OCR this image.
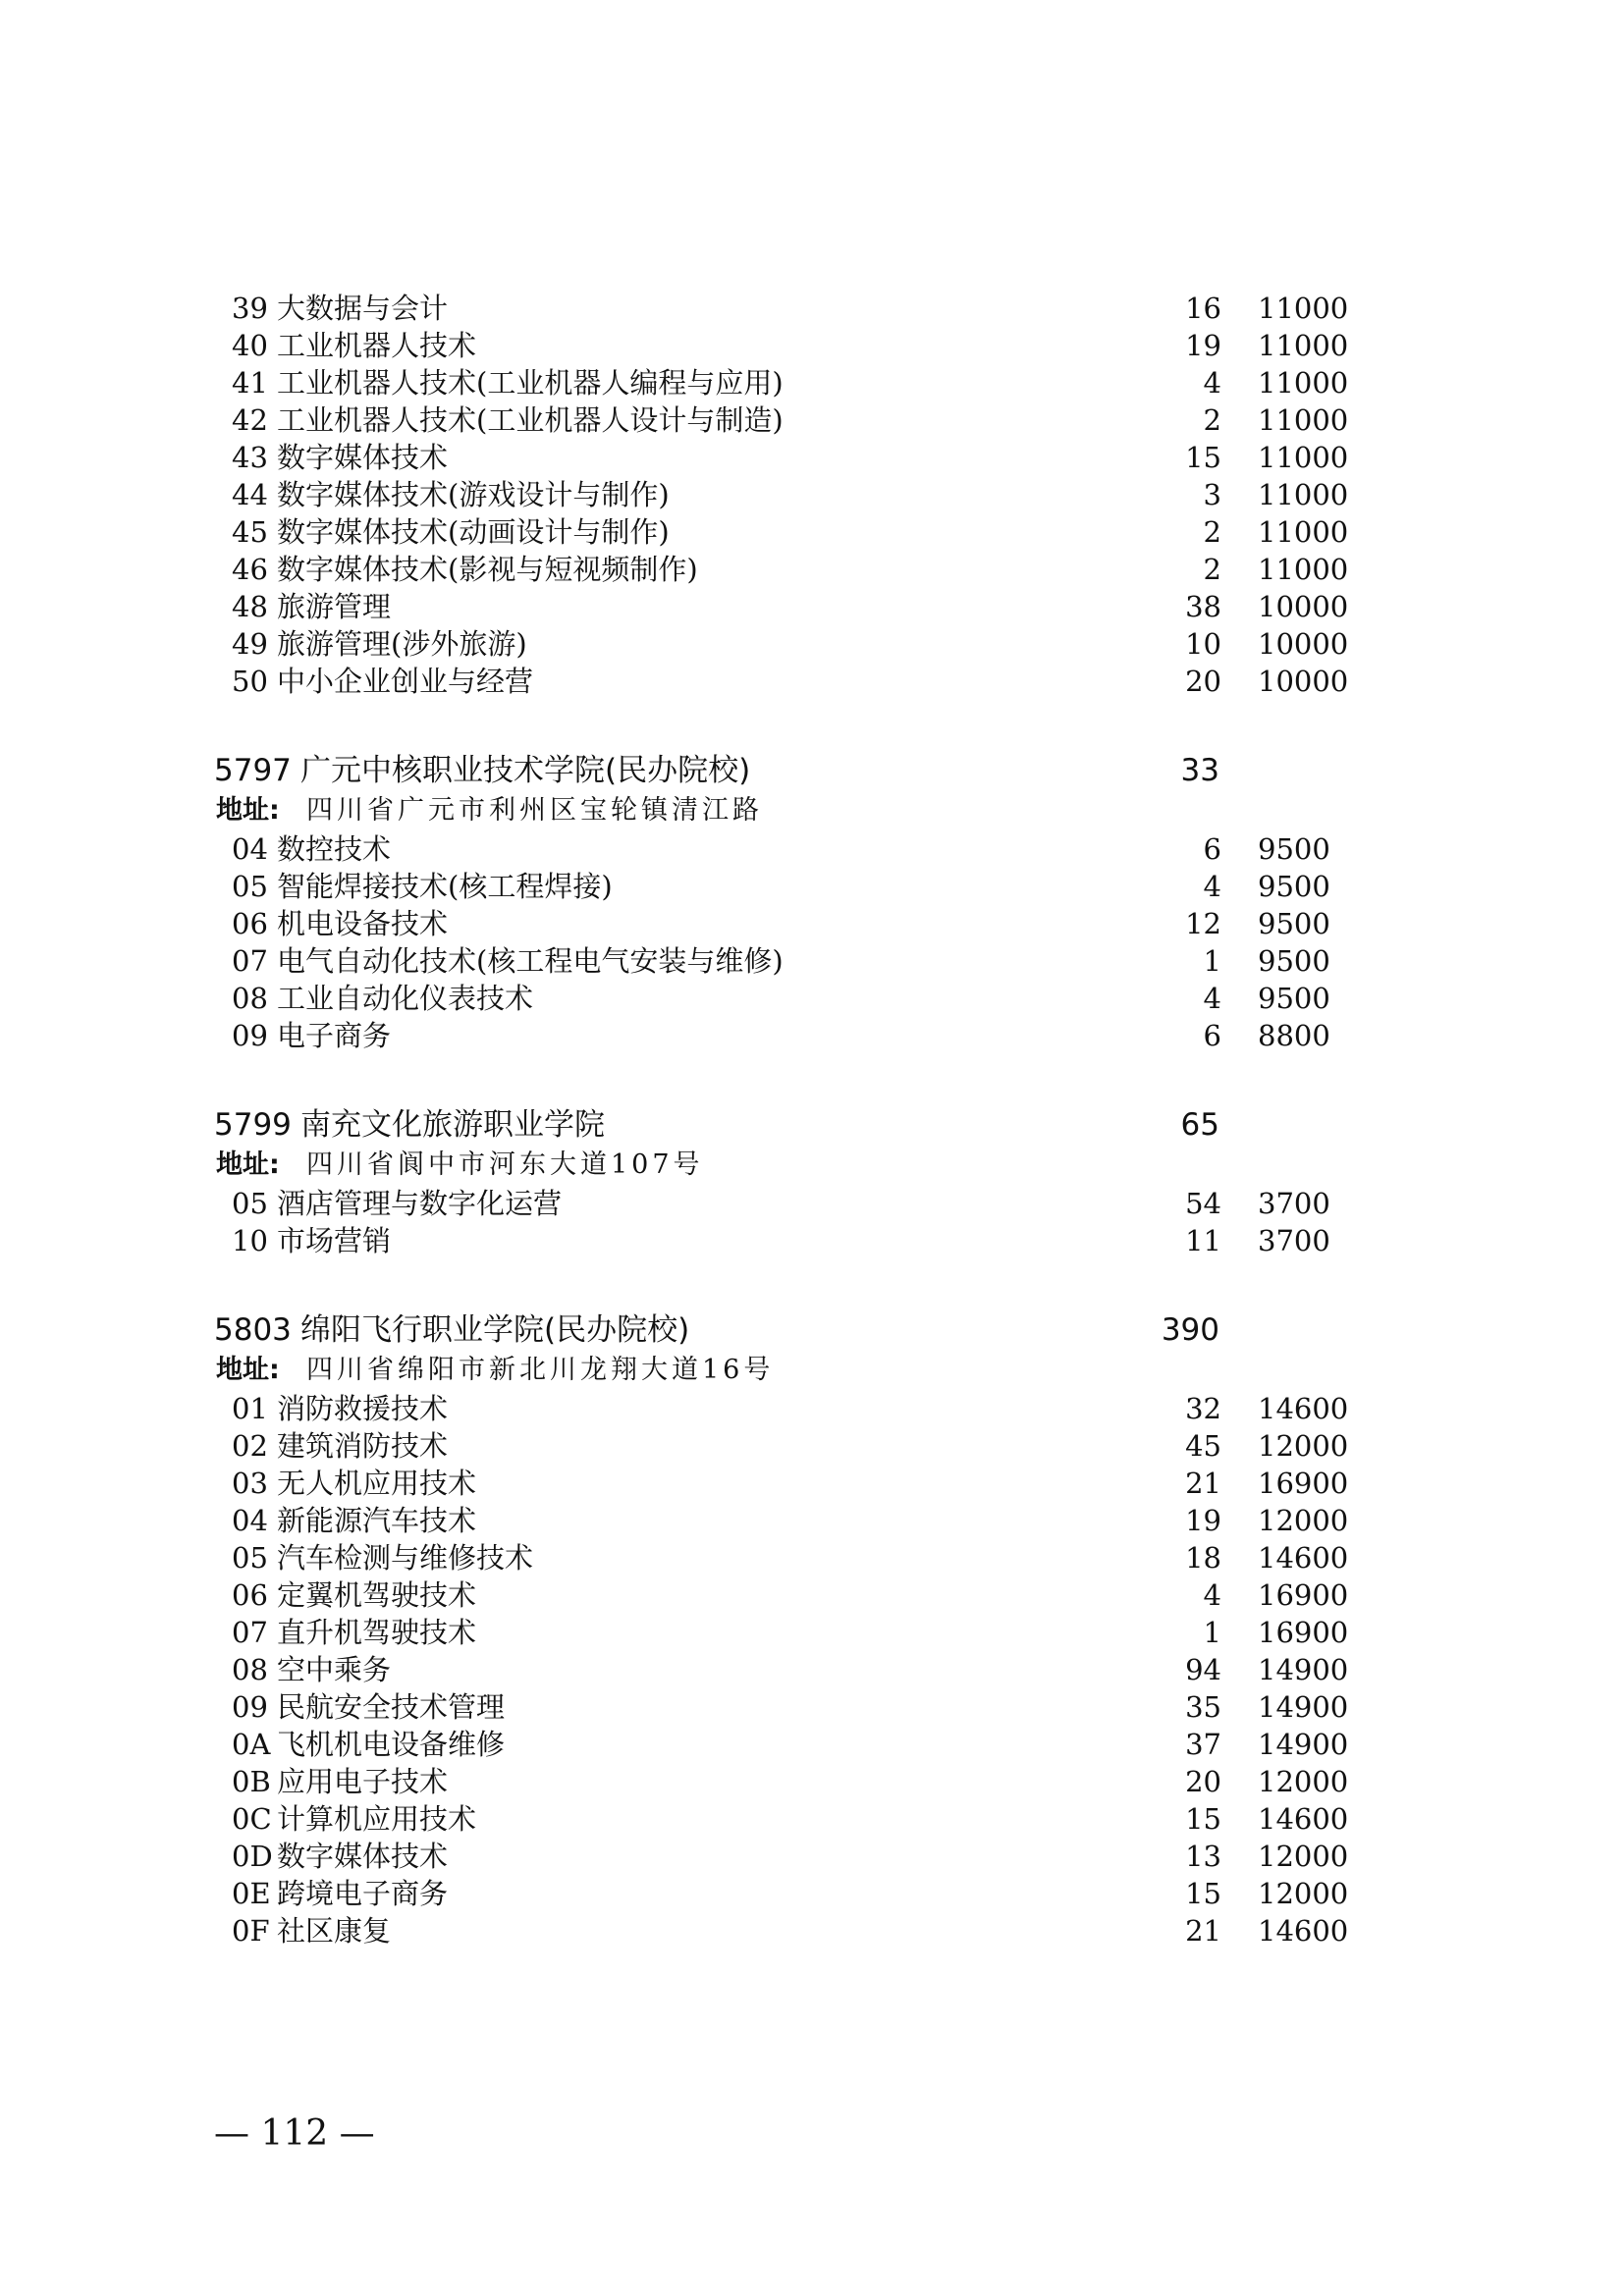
39 大数据与会计	16 11000
40 工业机器人技术	19 11000
41 工业机器人技术(工业机器人编程与应用)	4 11000
42 工业机器人技术(工业机器人设计与制造)	2 11000
43 数字媒体技术	15 11000
44 数字媒体技术(游戏设计与制作)	3 11000
45 数字媒体技术(动画设计与制作)	2 11000
46 数字媒体技术(影视与短视频制作)	2 11000
48 旅游管理	38 10000
49 旅游管理(涉外旅游)	10 10000
50 中小企业创业与经营	20 10000
5797 广元中核职业技术学院(民办院校)	33
地址: 四川省广元市利州区宝轮镇清江路
04 数控技术	6 9500
05 智能焊接技术(核工程焊接)	4 9500
06 机电设备技术	12 9500
07 电气自动化技术(核工程电气安装与维修)	1 9500
08 工业自动化仪表技术	4 9500
09 电子商务	6 8800
5799 南充文化旅游职业学院	65
地址: 四川省阆中市河东大道107号
05 酒店管理与数字化运营	54 3700
10 市场营销	11 3700
5803 绵阳飞行职业学院(民办院校)	390
地址: 四川省绵阳市新北川龙翔大道16号
01 消防救援技术	32 14600
02 建筑消防技术	45 12000
03 无人机应用技术	21 16900
04 新能源汽车技术	19 12000
05 汽车检测与维修技术	18 14600
06 定翼机驾驶技术	4 16900
07 直升机驾驶技术	1 16900
08 空中乘务	94 14900
09 民航安全技术管理	35 14900
0A 飞机机电设备维修	37 14900
0B 应用电子技术	20 12000
0C 计算机应用技术	15 14600
0D 数字媒体技术	13 12000
0E 跨境电子商务	15 12000
0F 社区康复	21 14600
— 112 —
